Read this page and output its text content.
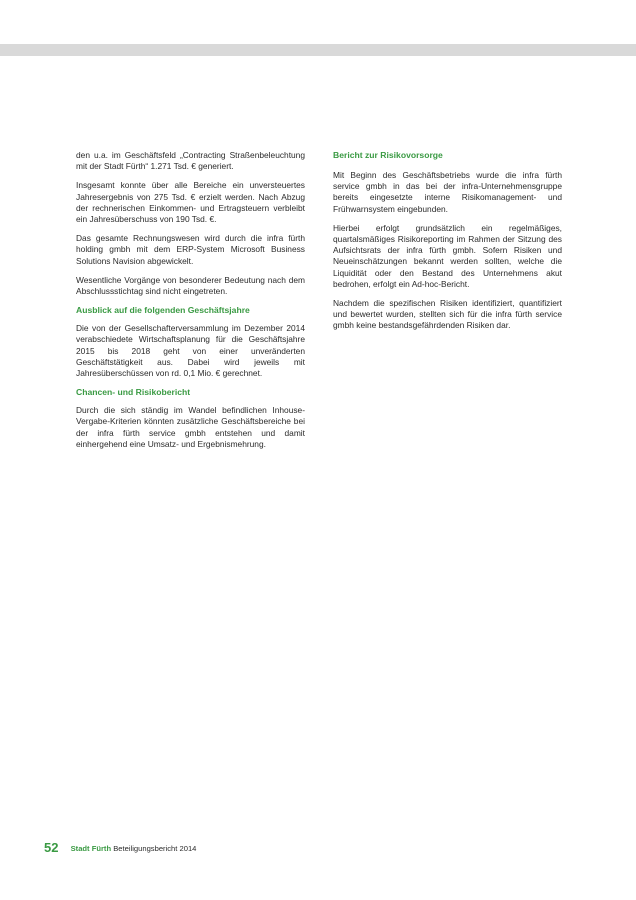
den u.a. im Geschäftsfeld „Contracting Straßenbeleuchtung mit der Stadt Fürth“ 1.271 Tsd. € generiert.

Insgesamt konnte über alle Bereiche ein unversteuertes Jahresergebnis von 275 Tsd. € erzielt werden. Nach Abzug der rechnerischen Einkommen- und Ertragsteuern verbleibt ein Jahresüberschuss von 190 Tsd. €.

Das gesamte Rechnungswesen wird durch die infra fürth holding gmbh mit dem ERP-System Microsoft Business Solutions Navision abgewickelt.

Wesentliche Vorgänge von besonderer Bedeutung nach dem Abschlussstichtag sind nicht eingetreten.

Ausblick auf die folgenden Geschäftsjahre

Die von der Gesellschafterversammlung im Dezember 2014 verabschiedete Wirtschaftsplanung für die Geschäftsjahre 2015 bis 2018 geht von einer unveränderten Geschäftstätigkeit aus. Dabei wird jeweils mit Jahresüberschüssen von rd. 0,1 Mio. € gerechnet.

Chancen- und Risikobericht

Durch die sich ständig im Wandel befindlichen Inhouse-Vergabe-Kriterien könnten zusätzliche Geschäftsbereiche bei der infra fürth service gmbh entstehen und damit einhergehend eine Umsatz- und Ergebnismehrung.

Bericht zur Risikovorsorge

Mit Beginn des Geschäftsbetriebs wurde die infra fürth service gmbh in das bei der infra-Unternehmensgruppe bereits eingesetzte interne Risikomanagement- und Frühwarnsystem eingebunden.

Hierbei erfolgt grundsätzlich ein regelmäßiges, quartalsmäßiges Risikoreporting im Rahmen der Sitzung des Aufsichtsrats der infra fürth gmbh. Sofern Risiken und Neueinschätzungen bekannt werden sollten, welche die Liquidität oder den Bestand des Unternehmens akut bedrohen, erfolgt ein Ad-hoc-Bericht.

Nachdem die spezifischen Risiken identifiziert, quantifiziert und bewertet wurden, stellten sich für die infra fürth service gmbh keine bestandsgefährdenden Risiken dar.

52 Stadt Fürth Beteiligungsbericht 2014
